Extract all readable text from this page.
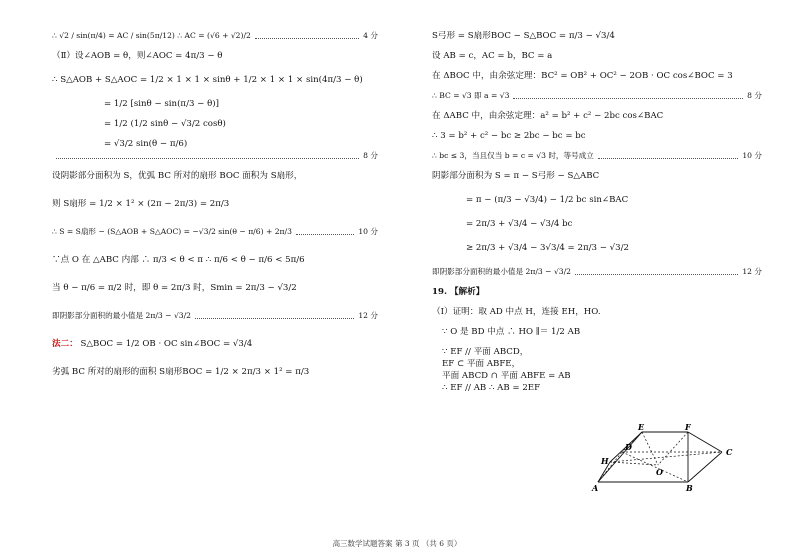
∴ √2 / sin(π/4) = AC / sin(5π/12) ∴ AC = (√6 + √2)/2	4 分
（Ⅱ）设∠AOB = θ，则∠AOC = 4π/3 − θ
∴ S△AOB + S△AOC = 1/2 × 1 × 1 × sinθ + 1/2 × 1 × 1 × sin(4π/3 − θ)
= 1/2 [sinθ − sin(π/3 − θ)]
= 1/2 (1/2 sinθ − √3/2 cosθ)
= √3/2 sin(θ − π/6)
8 分
设阴影部分面积为 S，优弧 BC 所对的扇形 BOC 面积为 S扇形，
则 S扇形 = 1/2 × 1² × (2π − 2π/3) = 2π/3
∴ S = S扇形 − (S△AOB + S△AOC) = −√3/2 sin(θ − π/6) + 2π/3	10 分
∵点 O 在 △ABC 内部 ∴ π/3 < θ < π ∴ π/6 < θ − π/6 < 5π/6
当 θ − π/6 = π/2 时，即 θ = 2π/3 时，Smin = 2π/3 − √3/2
即阴影部分面积的最小值是 2π/3 − √3/2	12 分
法二： S△BOC = 1/2 OB · OC sin∠BOC = √3/4
劣弧 BC 所对的扇形的面积 S扇形BOC = 1/2 × 2π/3 × 1² = π/3
S弓形 = S扇形BOC − S△BOC = π/3 − √3/4
设 AB = c，AC = b，BC = a
在 ΔBOC 中，由余弦定理：BC² = OB² + OC² − 2OB · OC cos∠BOC = 3
∴ BC = √3 即 a = √3	8 分
在 ΔABC 中，由余弦定理：a² = b² + c² − 2bc cos∠BAC
∴ 3 = b² + c² − bc ≥ 2bc − bc = bc
∴ bc ≤ 3，当且仅当 b = c = √3 时，等号成立	10 分
阴影部分面积为 S = π − S弓形 − S△ABC
= π − (π/3 − √3/4) − 1/2 bc sin∠BAC
= 2π/3 + √3/4 − √3/4 bc
≥ 2π/3 + √3/4 − 3√3/4 = 2π/3 − √3/2
即阴影部分面积的最小值是 2π/3 − √3/2	12 分
19. 【解析】
（Ⅰ）证明：取 AD 中点 H，连接 EH，HO.
∵ O 是 BD 中点 ∴ HO ∥＝ 1/2 AB
∵ EF // 平面 ABCD，
EF ⊂ 平面 ABFE，
平面 ABCD ∩ 平面 ABFE = AB
∴ EF // AB ∴ AB = 2EF
E	F
D
O
C
H
A	B
高三数学试题答案 第 3 页 （共 6 页）
